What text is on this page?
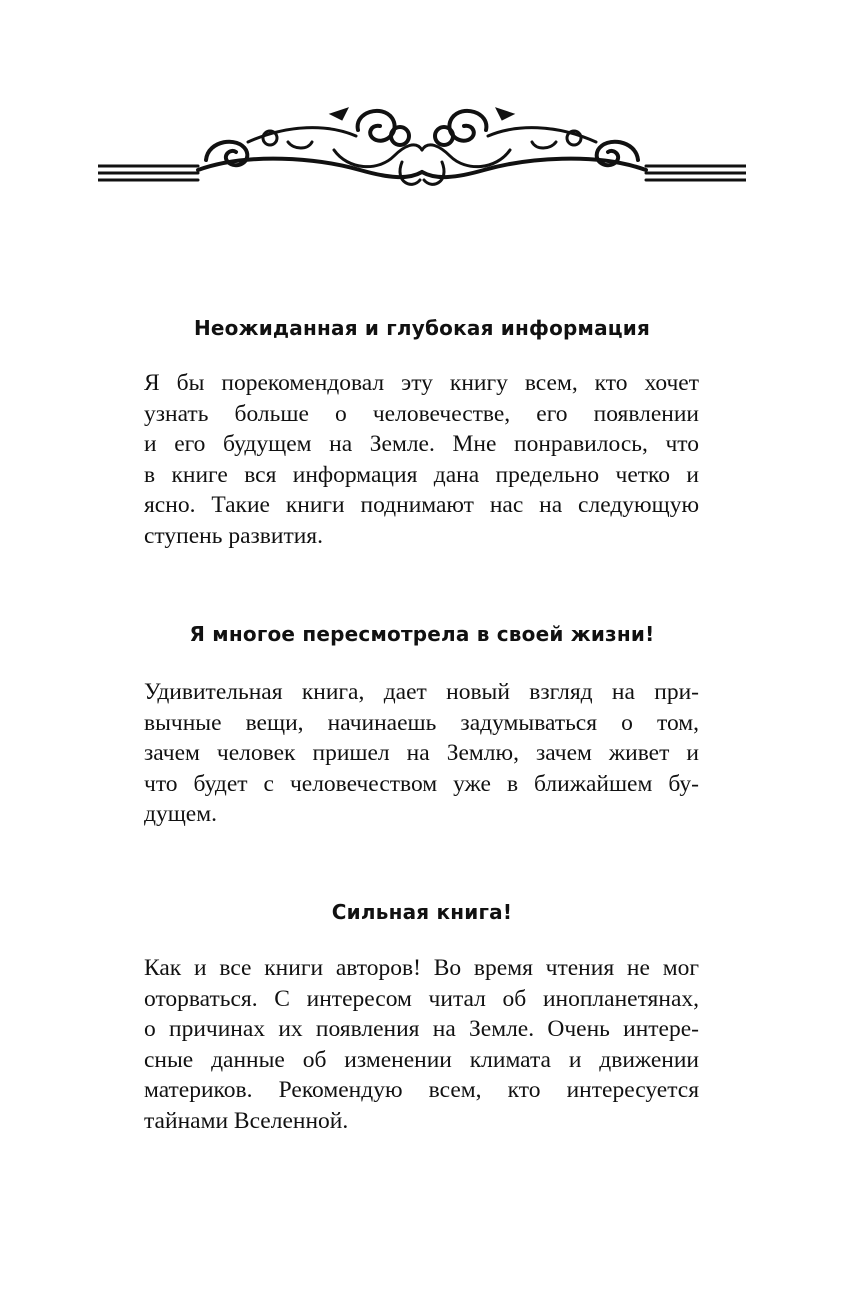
Неожиданная и глубокая информация
Я бы порекомендовал эту книгу всем, кто хочет
узнать больше о человечестве, его появлении
и его будущем на Земле. Мне понравилось, что
в книге вся информация дана предельно четко и
ясно. Такие книги поднимают нас на следующую
ступень развития.
Я многое пересмотрела в своей жизни!
Удивительная книга, дает новый взгляд на при-
вычные вещи, начинаешь задумываться о том,
зачем человек пришел на Землю, зачем живет и
что будет с человечеством уже в ближайшем бу-
дущем.
Сильная книга!
Как и все книги авторов! Во время чтения не мог
оторваться. С интересом читал об инопланетянах,
о причинах их появления на Земле. Очень интере-
сные данные об изменении климата и движении
материков. Рекомендую всем, кто интересуется
тайнами Вселенной.
